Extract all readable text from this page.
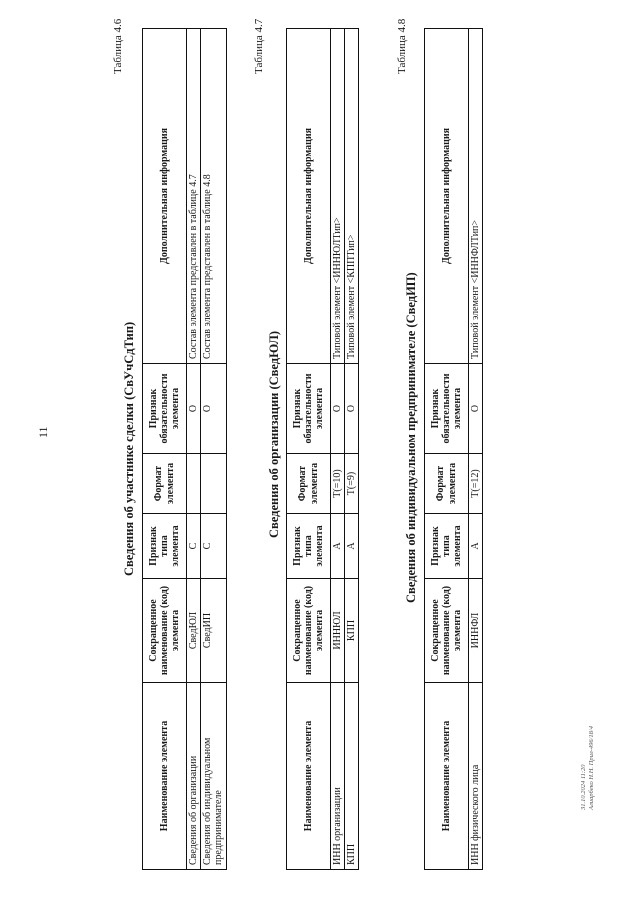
11
Таблица 4.6
Сведения об участнике сделки (СвУчСдТип)
Наименование элемента	Сокращенное наименование (код) элемента	Признак типа элемента	Формат элемента	Признак обязательности элемента	Дополнительная информация
Сведения об организации	СведЮЛ	С		О	Состав элемента представлен в таблице 4.7
Сведения об индивидуальном предпринимателе	СведИП	С		О	Состав элемента представлен в таблице 4.8
Таблица 4.7
Сведения об организации (СведЮЛ)
Наименование элемента	Сокращенное наименование (код) элемента	Признак типа элемента	Формат элемента	Признак обязательности элемента	Дополнительная информация
ИНН организации	ИННЮЛ	А	T(=10)	О	Типовой элемент <ИННЮЛТип>
КПП	КПП	А	T(=9)	О	Типовой элемент <КППТип>
Таблица 4.8
Сведения об индивидуальном предпринимателе (СведИП)
Наименование элемента	Сокращенное наименование (код) элемента	Признак типа элемента	Формат элемента	Признак обязательности элемента	Дополнительная информация
ИНН физического лица	ИННФЛ	А	T(=12)	О	Типовой элемент <ИННФЛТип>
31.10.2024 11:20 Алиарбеко Н.Н. Прил-496/18/4
